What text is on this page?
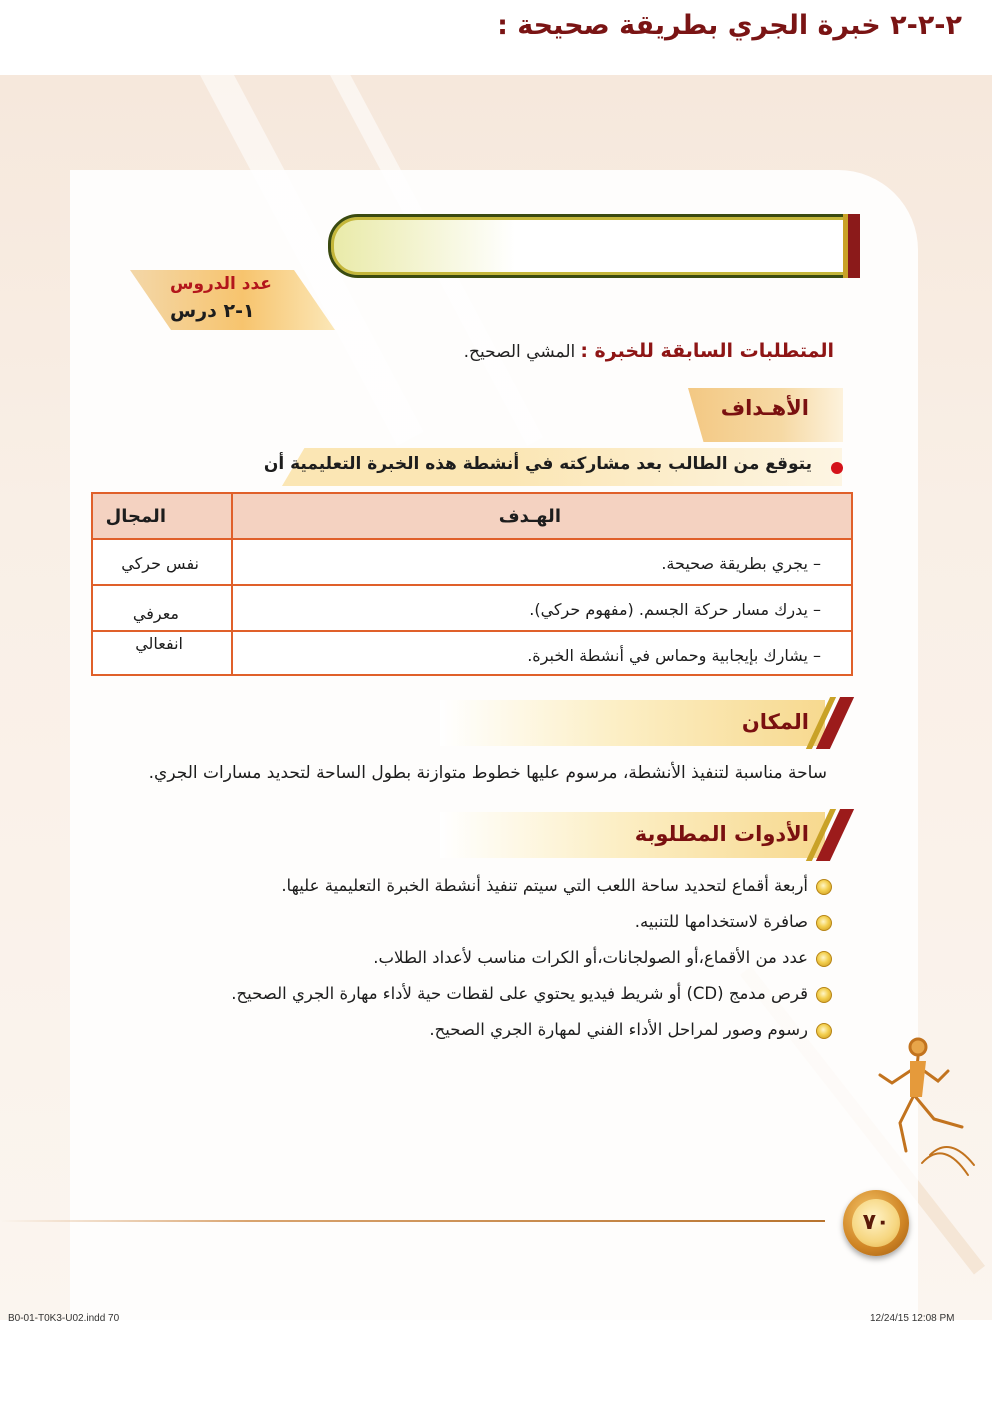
٢-٢-٢ خبرة الجري بطريقة صحيحة :
عدد الدروس
١-٢ درس
المتطلبات السابقة للخبرة : المشي الصحيح.
الأهـداف
يتوقع من الطالب بعد مشاركته في أنشطة هذه الخبرة التعليمية أن
الهـدف
المجال
– يجري بطريقة صحيحة.
نفس حركي
– يدرك مسار حركة الجسم. (مفهوم حركي).
معرفي
– يشارك بإيجابية وحماس في أنشطة الخبرة.
انفعالي
المكان
ساحة مناسبة لتنفيذ الأنشطة، مرسوم عليها خطوط متوازنة بطول الساحة لتحديد مسارات الجري.
الأدوات المطلوبة
أربعة أقماع لتحديد ساحة اللعب التي سيتم تنفيذ أنشطة الخبرة التعليمية عليها.
صافرة لاستخدامها للتنبيه.
عدد من الأقماع،أو الصولجانات،أو الكرات مناسب لأعداد الطلاب.
قرص مدمج (CD) أو شريط فيديو يحتوي على لقطات حية لأداء مهارة الجري الصحيح.
رسوم وصور لمراحل الأداء الفني لمهارة الجري الصحيح.
٧٠
B0-01-T0K3-U02.indd 70	12/24/15 12:08 PM
